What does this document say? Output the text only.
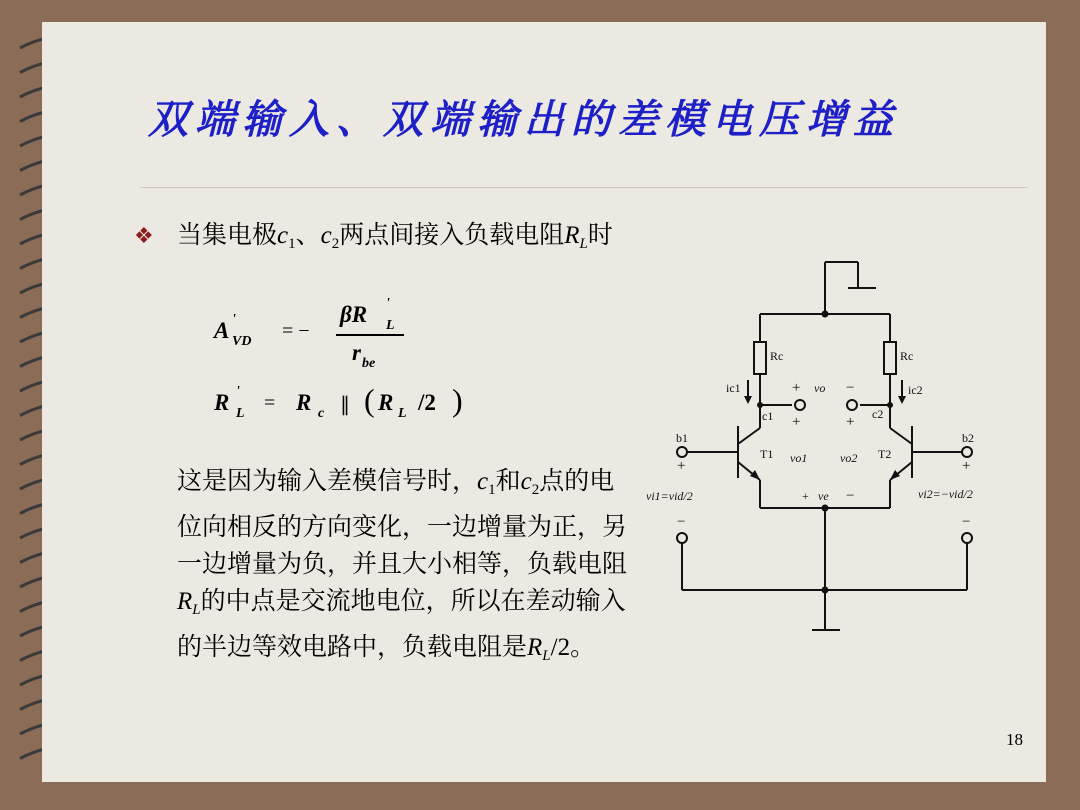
双端输入、双端输出的差模电压增益
❖ 当集电极$c_1$、$c_2$两点间接入负载电阻$R_L$时
A '
VD = −
βR '
L
r be
R '
L = R c ∥ ( R L /2 )
这是因为输入差模信号时，$c_1$和$c_2$点的电位向相反的方向变化，一边增量为正，另一边增量为负，并且大小相等，负载电阻$R_L$的中点是交流地电位，所以在差动输入的半边等效电路中，负载电阻是$R_L/2$。
Rc	Rc
ic1	ic2
+ vo −
c1	c2
+	+
b1	b2
T1	T2
vo1	vo2
+	+
vi1=vid/2	vi2=−vid/2
+ ve −
−	−
18
